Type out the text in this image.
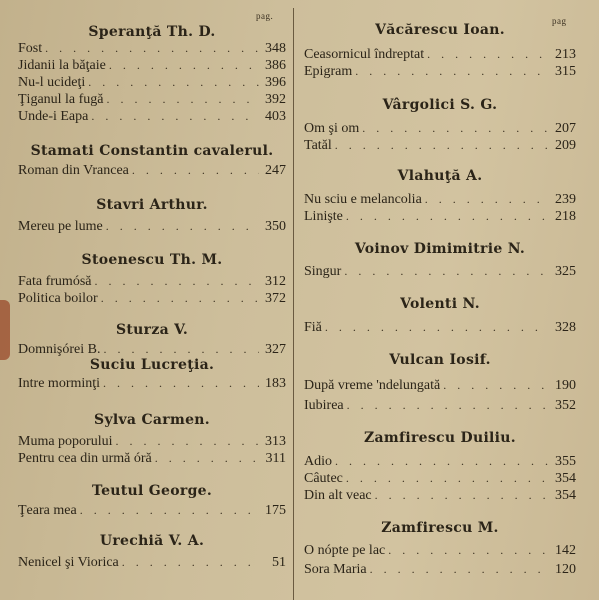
pag.
Speranţă Th. D.
Fost . . .	348
Jidanii la băţaie . . .	386
Nu-l ucideţi . . .	396
Ţiganul la fugă . . .	392
Unde-i Eapa . . .	403
Stamati Constantin cavalerul.
Roman din Vrancea . . .	247
Stavri Arthur.
Mereu pe lume . . .	350
Stoenescu Th. M.
Fata frumósă . . .	312
Politica boilor . . .	372
Sturza V.
Domnişórei B. . . .	327
Suciu Lucreţia.
Intre morminţi . . .	183
Sylva Carmen.
Muma poporului . . .	313
Pentru cea din urmă óră . . .	311
Teutul George.
Ţeara mea . . .	175
Urechiă V. A.
Nenicel şi Viorica . . .	51
pag
Văcărescu Ioan.
Ceasornicul îndreptat . . .	213
Epigram . . .	315
Vârgolici S. G.
Om şi om . . .	207
Tatăl . . .	209
Vlahuţă A.
Nu sciu e melancolia . . .	239
Linişte . . .	218
Voinov Dimimitrie N.
Singur . . .	325
Volenti N.
Fiă . . .	328
Vulcan Iosif.
După vreme 'ndelungată . . .	190
Iubirea . . .	352
Zamfirescu Duiliu.
Adio . . .	355
Câutec . . .	354
Din alt veac . . .	354
Zamfirescu M.
O nópte pe lac . . .	142
Sora Maria . . .	120
